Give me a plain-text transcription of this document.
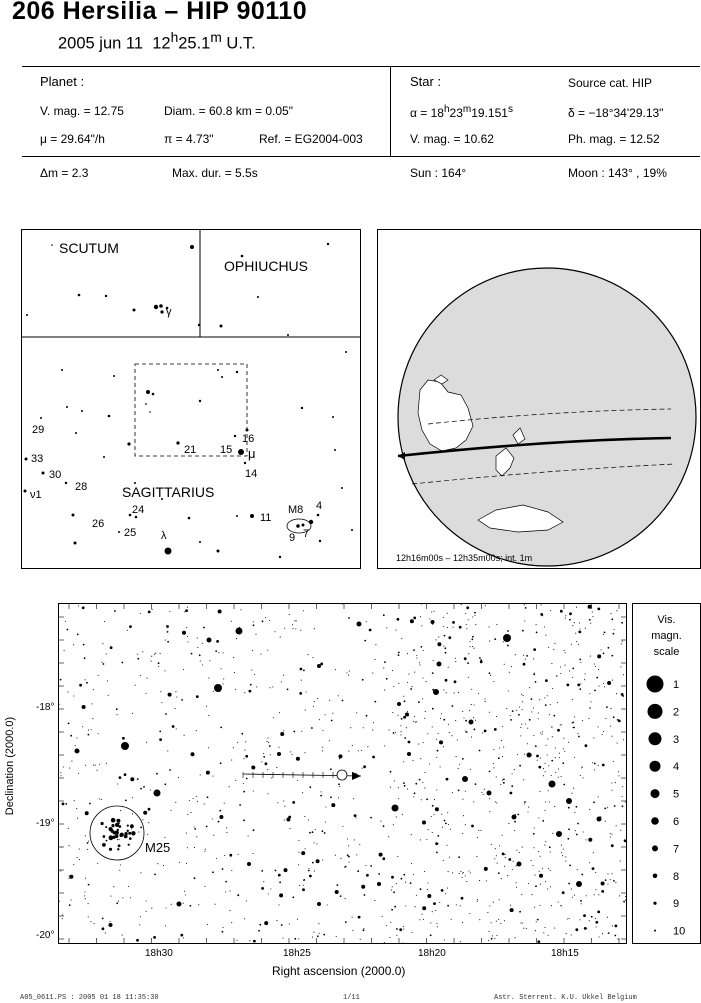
206 Hersilia – HIP 90110
2005 jun 11 12$^h$25.1$^m$ U.T.
Planet :
V. mag. = 12.75	Diam. = 60.8 km = 0.05"
μ = 29.64"/h	π = 4.73"	Ref. = EG2004-003
Star :	Source cat. HIP
$\alpha = 18^h23^m19.151^s$	δ = −18°34'29.13"
V. mag. = 10.62	Ph. mag. = 12.52
Δm = 2.3	Max. dur. = 5.5s	Sun : 164°	Moon : 143° , 19%
SCUTUM
OPHIUCHUS
SAGITTARIUS
γ
μ
λ
ν1
M8
29
33
30
28
26
24
25
21
16
15
14
11
4
9 7
12h16m00s – 12h35m00s; int. 1m
M25
Declination (2000.0)
Right ascension (2000.0)
-18°
-19°
-20°
18h30	18h25	18h20	18h15
Vis.
magn.
scale
1
2
3
4
5
6
7
8
9
10
A05_0611.PS : 2005 01 18 11:35:30	1/11	Astr. Sterrent. K.U. Ukkel Belgium
